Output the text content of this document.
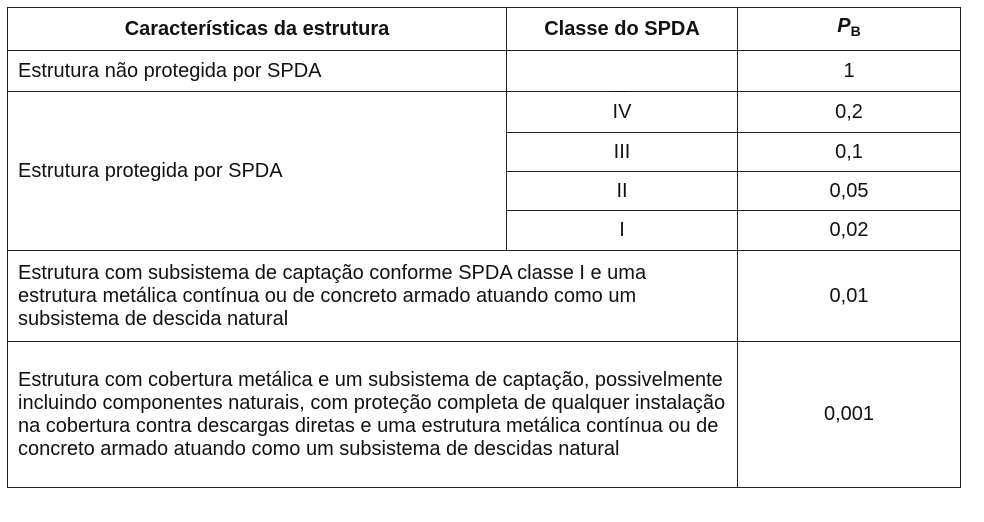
Características da estrutura	Classe do SPDA	$P_B$
Estrutura não protegida por SPDA		1
Estrutura protegida por SPDA	IV	0,2
	III	0,1
	II	0,05
	I	0,02
Estrutura com subsistema de captação conforme SPDA classe I e uma estrutura metálica contínua ou de concreto armado atuando como um subsistema de descida natural		0,01
Estrutura com cobertura metálica e um subsistema de captação, possivelmente incluindo componentes naturais, com proteção completa de qualquer instalação na cobertura contra descargas diretas e uma estrutura metálica contínua ou de concreto armado atuando como um subsistema de descidas natural		0,001
